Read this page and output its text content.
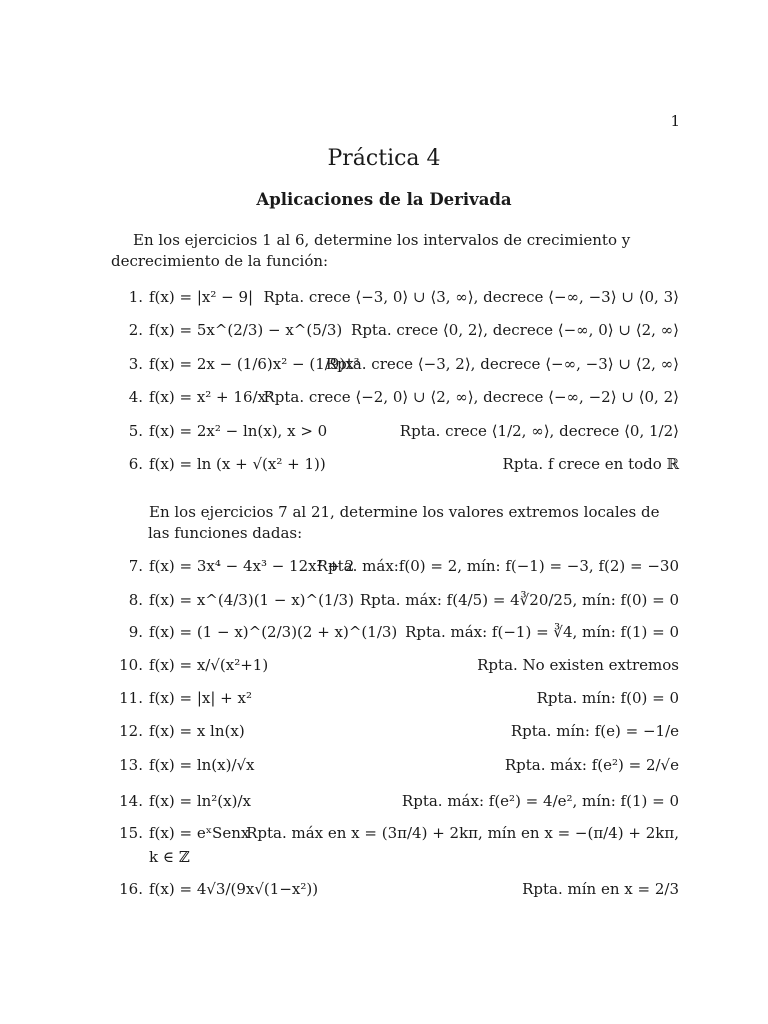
1
Práctica 4
Aplicaciones de la Derivada
En los ejercicios 1 al 6, determine los intervalos de crecimiento y decrecimiento de la función:
1. f(x) = |x² − 9| Rpta. crece ⟨−3, 0⟩ ∪ ⟨3, ∞⟩, decrece ⟨−∞, −3⟩ ∪ ⟨0, 3⟩
2. f(x) = 5x^(2/3) − x^(5/3) Rpta. crece ⟨0, 2⟩, decrece ⟨−∞, 0⟩ ∪ ⟨2, ∞⟩
3. f(x) = 2x − (1/6)x² − (1/9)x³
Rpta. crece ⟨−3, 2⟩, decrece ⟨−∞, −3⟩ ∪ ⟨2, ∞⟩
4. f(x) = x² + 16/x²
Rpta. crece ⟨−2, 0⟩ ∪ ⟨2, ∞⟩, decrece ⟨−∞, −2⟩ ∪ ⟨0, 2⟩
5. f(x) = 2x² − ln(x), x > 0	Rpta. crece ⟨1/2, ∞⟩, decrece ⟨0, 1/2⟩
6. f(x) = ln (x + √(x² + 1))	Rpta. f crece en todo ℝ
En los ejercicios 7 al 21, determine los valores extremos locales de las funciones dadas:
7. f(x) = 3x⁴ − 4x³ − 12x² + 2
Rpta. máx:f(0) = 2, mín: f(−1) = −3, f(2) = −30
8. f(x) = x^(4/3)(1 − x)^(1/3) Rpta. máx: f(4/5) = 4∛20/25, mín: f(0) = 0
9. f(x) = (1 − x)^(2/3)(2 + x)^(1/3) Rpta. máx: f(−1) = ∛4, mín: f(1) = 0
10. f(x) = x/√(x²+1)	Rpta. No existen extremos
11. f(x) = |x| + x²	Rpta. mín: f(0) = 0
12. f(x) = x ln(x)	Rpta. mín: f(e) = −1/e
13. f(x) = ln(x)/√x	Rpta. máx: f(e²) = 2/√e
14. f(x) = ln²(x)/x	Rpta. máx: f(e²) = 4/e², mín: f(1) = 0
15. f(x) = eˣSenx
Rpta. máx en x = (3π/4) + 2kπ, mín en x = −(π/4) + 2kπ,
k ∈ ℤ
16. f(x) = 4√3/(9x√(1−x²))	Rpta. mín en x = 2/3
